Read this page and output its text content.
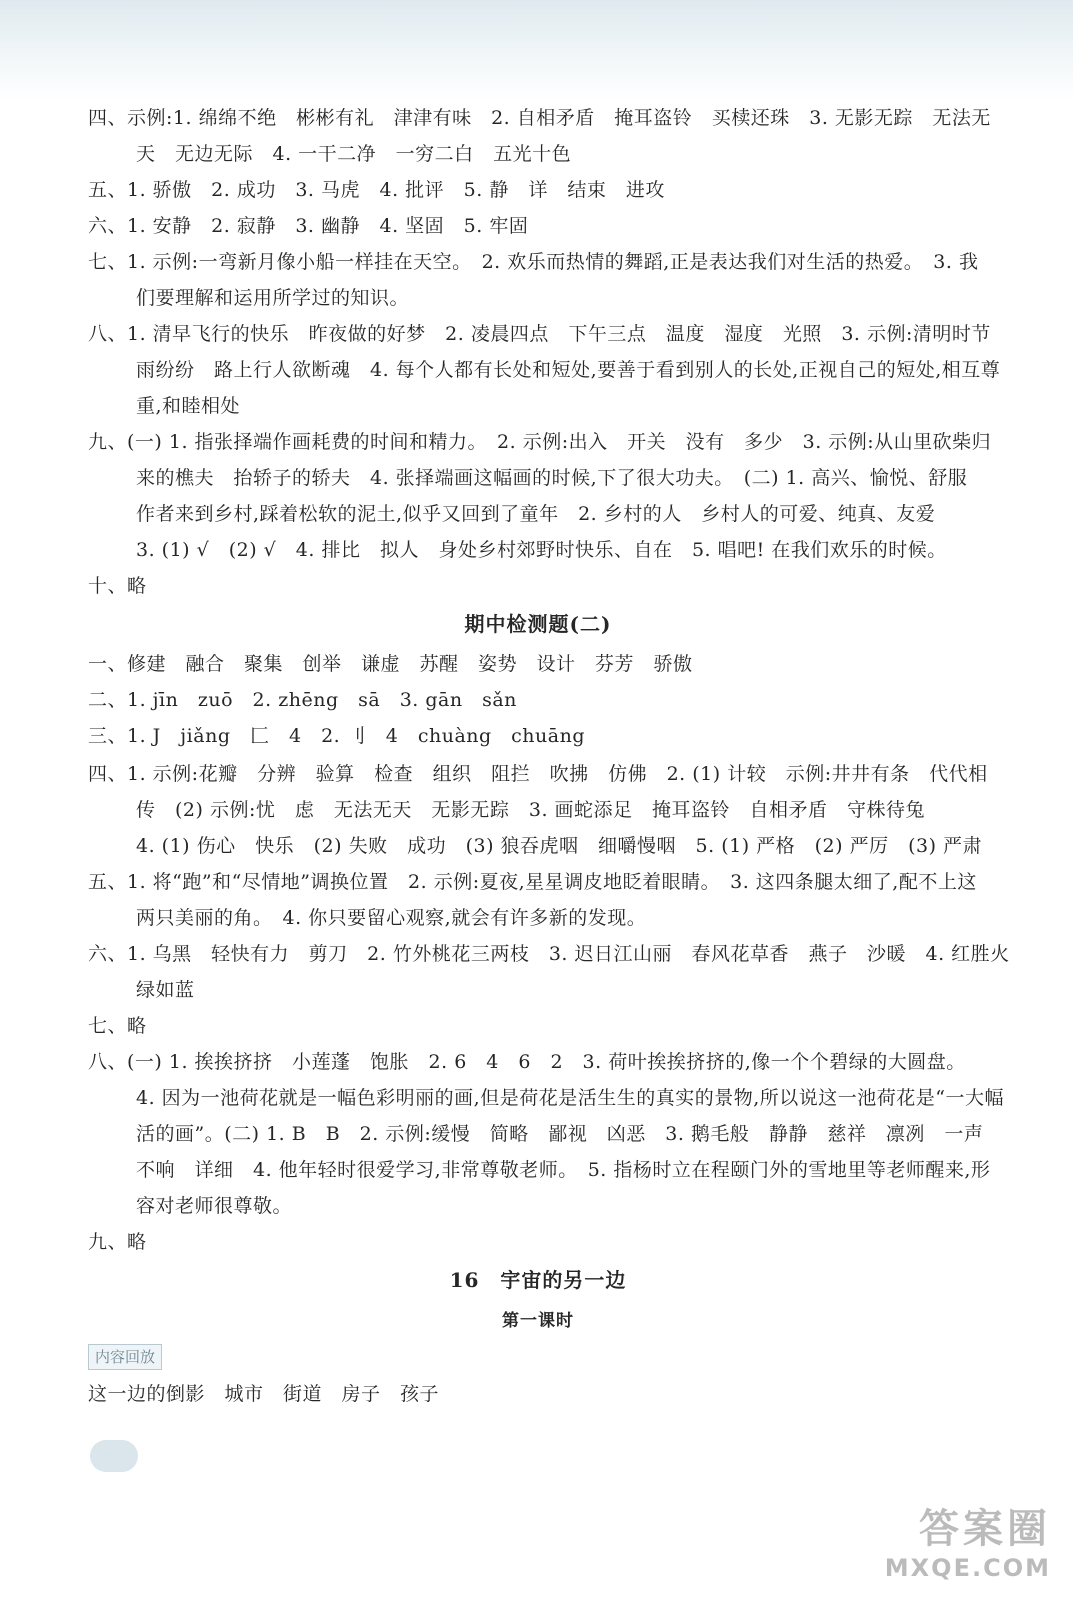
四、示例:1. 绵绵不绝　彬彬有礼　津津有味　2. 自相矛盾　掩耳盗铃　买椟还珠　3. 无影无踪　无法无
天　无边无际　4. 一干二净　一穷二白　五光十色
五、1. 骄傲　2. 成功　3. 马虎　4. 批评　5. 静　详　结束　进攻
六、1. 安静　2. 寂静　3. 幽静　4. 坚固　5. 牢固
七、1. 示例:一弯新月像小船一样挂在天空。　2. 欢乐而热情的舞蹈,正是表达我们对生活的热爱。　3. 我
们要理解和运用所学过的知识。
八、1. 清早飞行的快乐　昨夜做的好梦　2. 凌晨四点　下午三点　温度　湿度　光照　3. 示例:清明时节
雨纷纷　路上行人欲断魂　4. 每个人都有长处和短处,要善于看到别人的长处,正视自己的短处,相互尊
重,和睦相处
九、(一) 1. 指张择端作画耗费的时间和精力。　2. 示例:出入　开关　没有　多少　3. 示例:从山里砍柴归
来的樵夫　抬轿子的轿夫　4. 张择端画这幅画的时候,下了很大功夫。　(二) 1. 高兴、愉悦、舒服
作者来到乡村,踩着松软的泥土,似乎又回到了童年　2. 乡村的人　乡村人的可爱、纯真、友爱
3. (1) √　(2) √　4. 排比　拟人　身处乡村郊野时快乐、自在　5. 唱吧! 在我们欢乐的时候。
十、略
期中检测题(二)
一、修建　融合　聚集　创举　谦虚　苏醒　姿势　设计　芬芳　骄傲
二、1. jīn　zuō　2. zhēng　sā　3. gān　sǎn
三、1. J　jiǎng　匚　4　2. 刂　4　chuàng　chuāng
四、1. 示例:花瓣　分辨　验算　检查　组织　阻拦　吹拂　仿佛　2. (1) 计较　示例:井井有条　代代相
传　(2) 示例:忧　虑　无法无天　无影无踪　3. 画蛇添足　掩耳盗铃　自相矛盾　守株待兔
4. (1) 伤心　快乐　(2) 失败　成功　(3) 狼吞虎咽　细嚼慢咽　5. (1) 严格　(2) 严厉　(3) 严肃
五、1. 将“跑”和“尽情地”调换位置　2. 示例:夏夜,星星调皮地眨着眼睛。　3. 这四条腿太细了,配不上这
两只美丽的角。　4. 你只要留心观察,就会有许多新的发现。
六、1. 乌黑　轻快有力　剪刀　2. 竹外桃花三两枝　3. 迟日江山丽　春风花草香　燕子　沙暖　4. 红胜火
绿如蓝
七、略
八、(一) 1. 挨挨挤挤　小莲蓬　饱胀　2. 6　4　6　2　3. 荷叶挨挨挤挤的,像一个个碧绿的大圆盘。
4. 因为一池荷花就是一幅色彩明丽的画,但是荷花是活生生的真实的景物,所以说这一池荷花是“一大幅
活的画”。(二) 1. B　B　2. 示例:缓慢　简略　鄙视　凶恶　3. 鹅毛般　静静　慈祥　凛冽　一声
不响　详细　4. 他年轻时很爱学习,非常尊敬老师。　5. 指杨时立在程颐门外的雪地里等老师醒来,形
容对老师很尊敬。
九、略
16　宇宙的另一边
第一课时
内容回放
这一边的倒影　城市　街道　房子　孩子
答案圈
MXQE.COM
